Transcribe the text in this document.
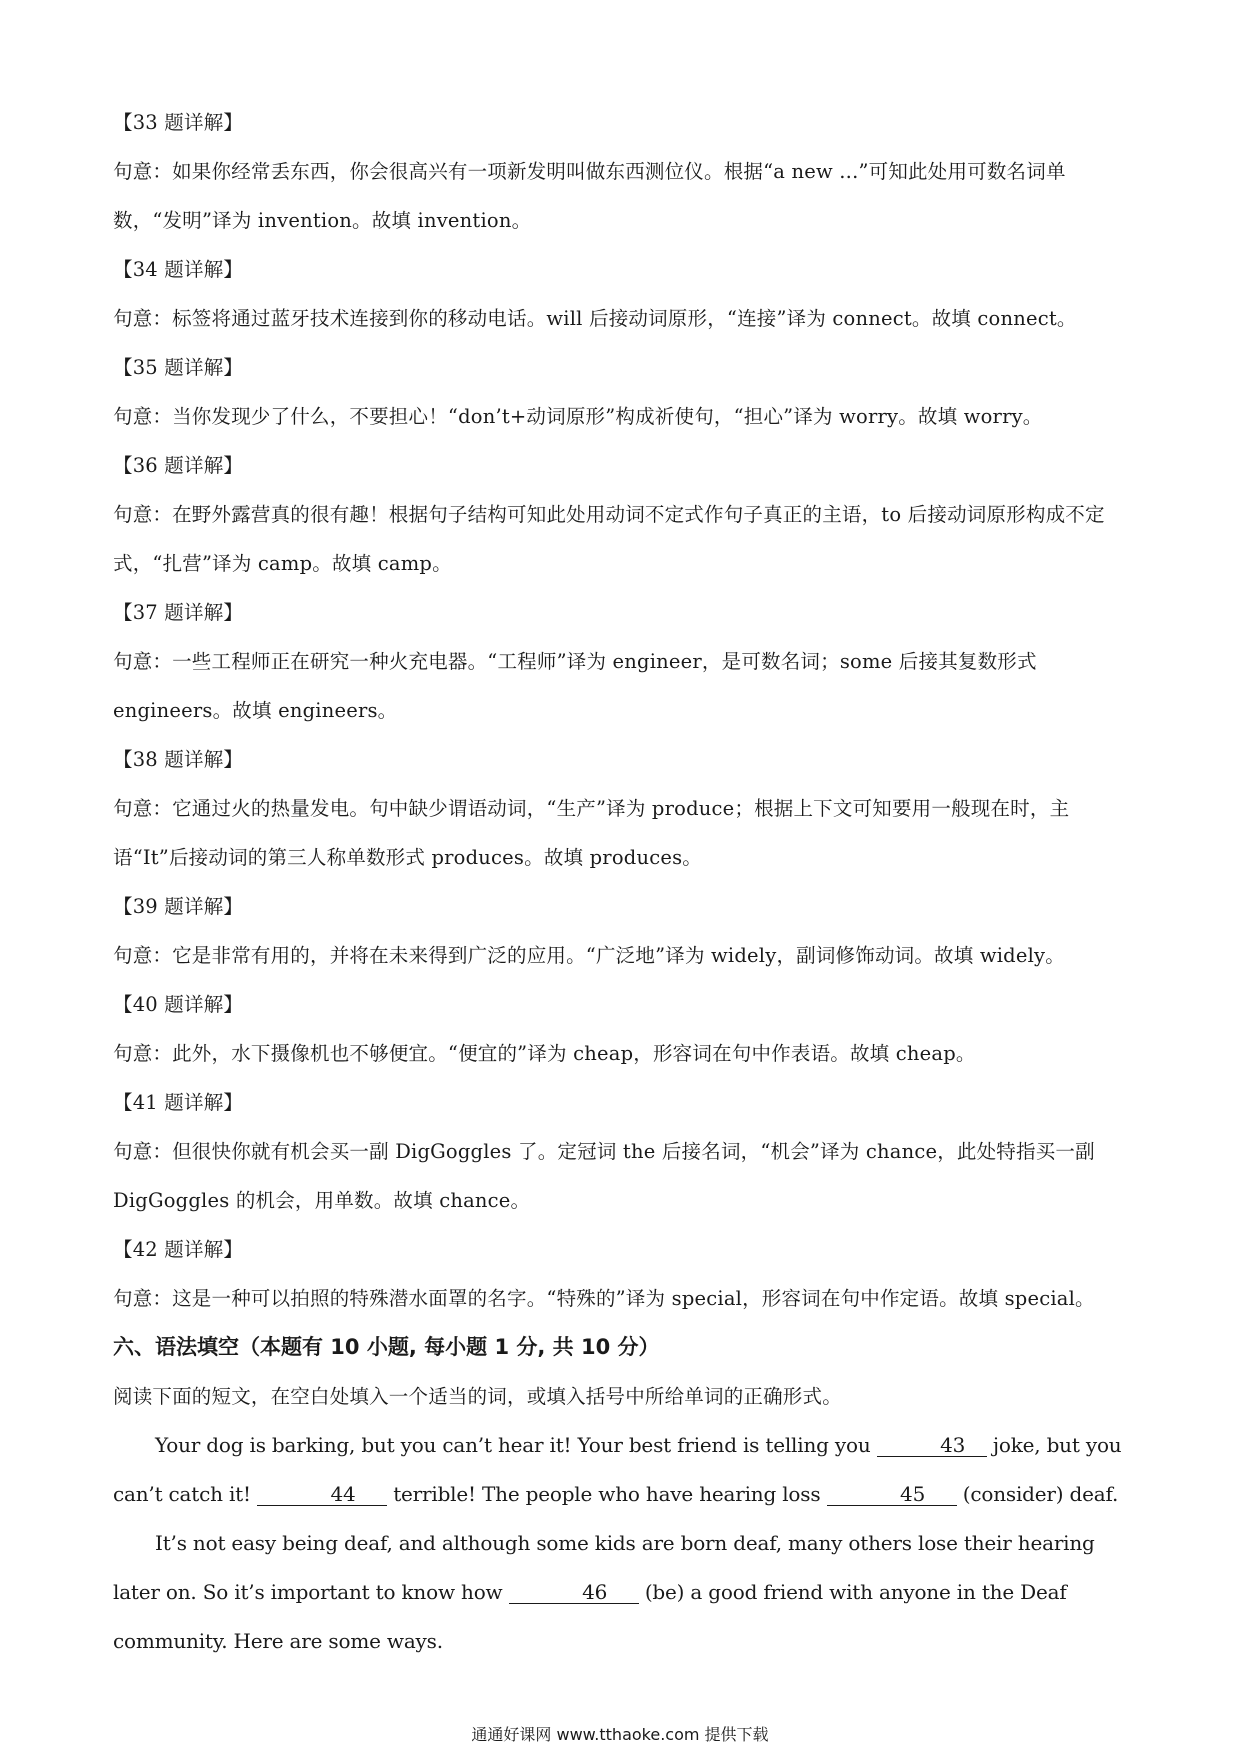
【33 题详解】

句意：如果你经常丢东西，你会很高兴有一项新发明叫做东西测位仪。根据“a new ...”可知此处用可数名词单数，“发明”译为 invention。故填 invention。

【34 题详解】

句意：标签将通过蓝牙技术连接到你的移动电话。will 后接动词原形，“连接”译为 connect。故填 connect。

【35 题详解】

句意：当你发现少了什么，不要担心！“don’t+动词原形”构成祈使句，“担心”译为 worry。故填 worry。

【36 题详解】

句意：在野外露营真的很有趣！根据句子结构可知此处用动词不定式作句子真正的主语，to 后接动词原形构成不定式，“扎营”译为 camp。故填 camp。

【37 题详解】

句意：一些工程师正在研究一种火充电器。“工程师”译为 engineer，是可数名词；some 后接其复数形式 engineers。故填 engineers。

【38 题详解】

句意：它通过火的热量发电。句中缺少谓语动词，“生产”译为 produce；根据上下文可知要用一般现在时，主语“It”后接动词的第三人称单数形式 produces。故填 produces。

【39 题详解】

句意：它是非常有用的，并将在未来得到广泛的应用。“广泛地”译为 widely，副词修饰动词。故填 widely。

【40 题详解】

句意：此外，水下摄像机也不够便宜。“便宜的”译为 cheap，形容词在句中作表语。故填 cheap。

【41 题详解】

句意：但很快你就有机会买一副 DigGoggles 了。定冠词 the 后接名词，“机会”译为 chance，此处特指买一副 DigGoggles 的机会，用单数。故填 chance。

【42 题详解】

句意：这是一种可以拍照的特殊潜水面罩的名字。“特殊的”译为 special，形容词在句中作定语。故填 special。

六、语法填空（本题有 10 小题, 每小题 1 分, 共 10 分）

阅读下面的短文，在空白处填入一个适当的词，或填入括号中所给单词的正确形式。

Your dog is barking, but you can’t hear it! Your best friend is telling you	43 joke, but you can’t catch it!	44 terrible! The people who have hearing loss	45 (consider) deaf.

It’s not easy being deaf, and although some kids are born deaf, many others lose their hearing later on. So it’s important to know how	46 (be) a good friend with anyone in the Deaf community. Here are some ways.

通通好课网 www.tthaoke.com 提供下载
